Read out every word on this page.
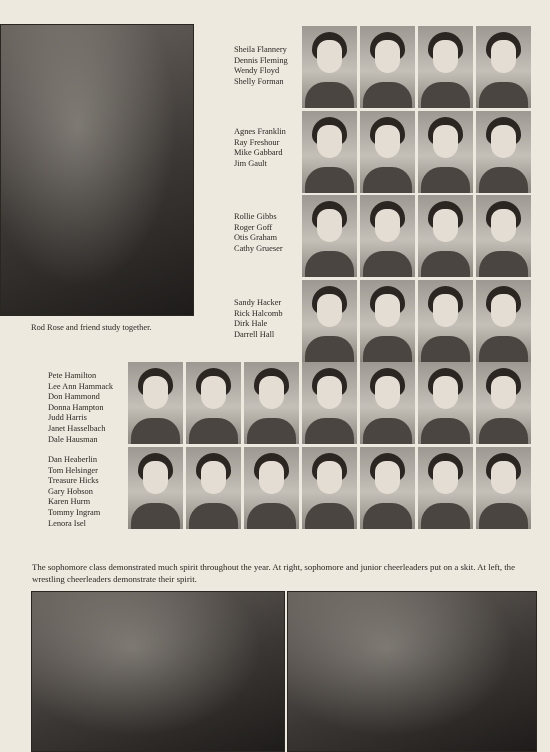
Rod Rose and friend study together.
Sheila Flannery
Dennis Fleming
Wendy Floyd
Shelly Forman
Agnes Franklin
Ray Freshour
Mike Gabbard
Jim Gault
Rollie Gibbs
Roger Goff
Otis Graham
Cathy Grueser
Sandy Hacker
Rick Halcomb
Dirk Hale
Darrell Hall
Pete Hamilton
Lee Ann Hammack
Don Hammond
Donna Hampton
Judd Harris
Janet Hasselbach
Dale Hausman
Dan Heaberlin
Tom Helsinger
Treasure Hicks
Gary Hobson
Karen Hurm
Tommy Ingram
Lenora Isel
The sophomore class demonstrated much spirit throughout the year. At right, sophomore and junior cheerleaders put on a skit. At left, the wrestling cheerleaders demonstrate their spirit.
